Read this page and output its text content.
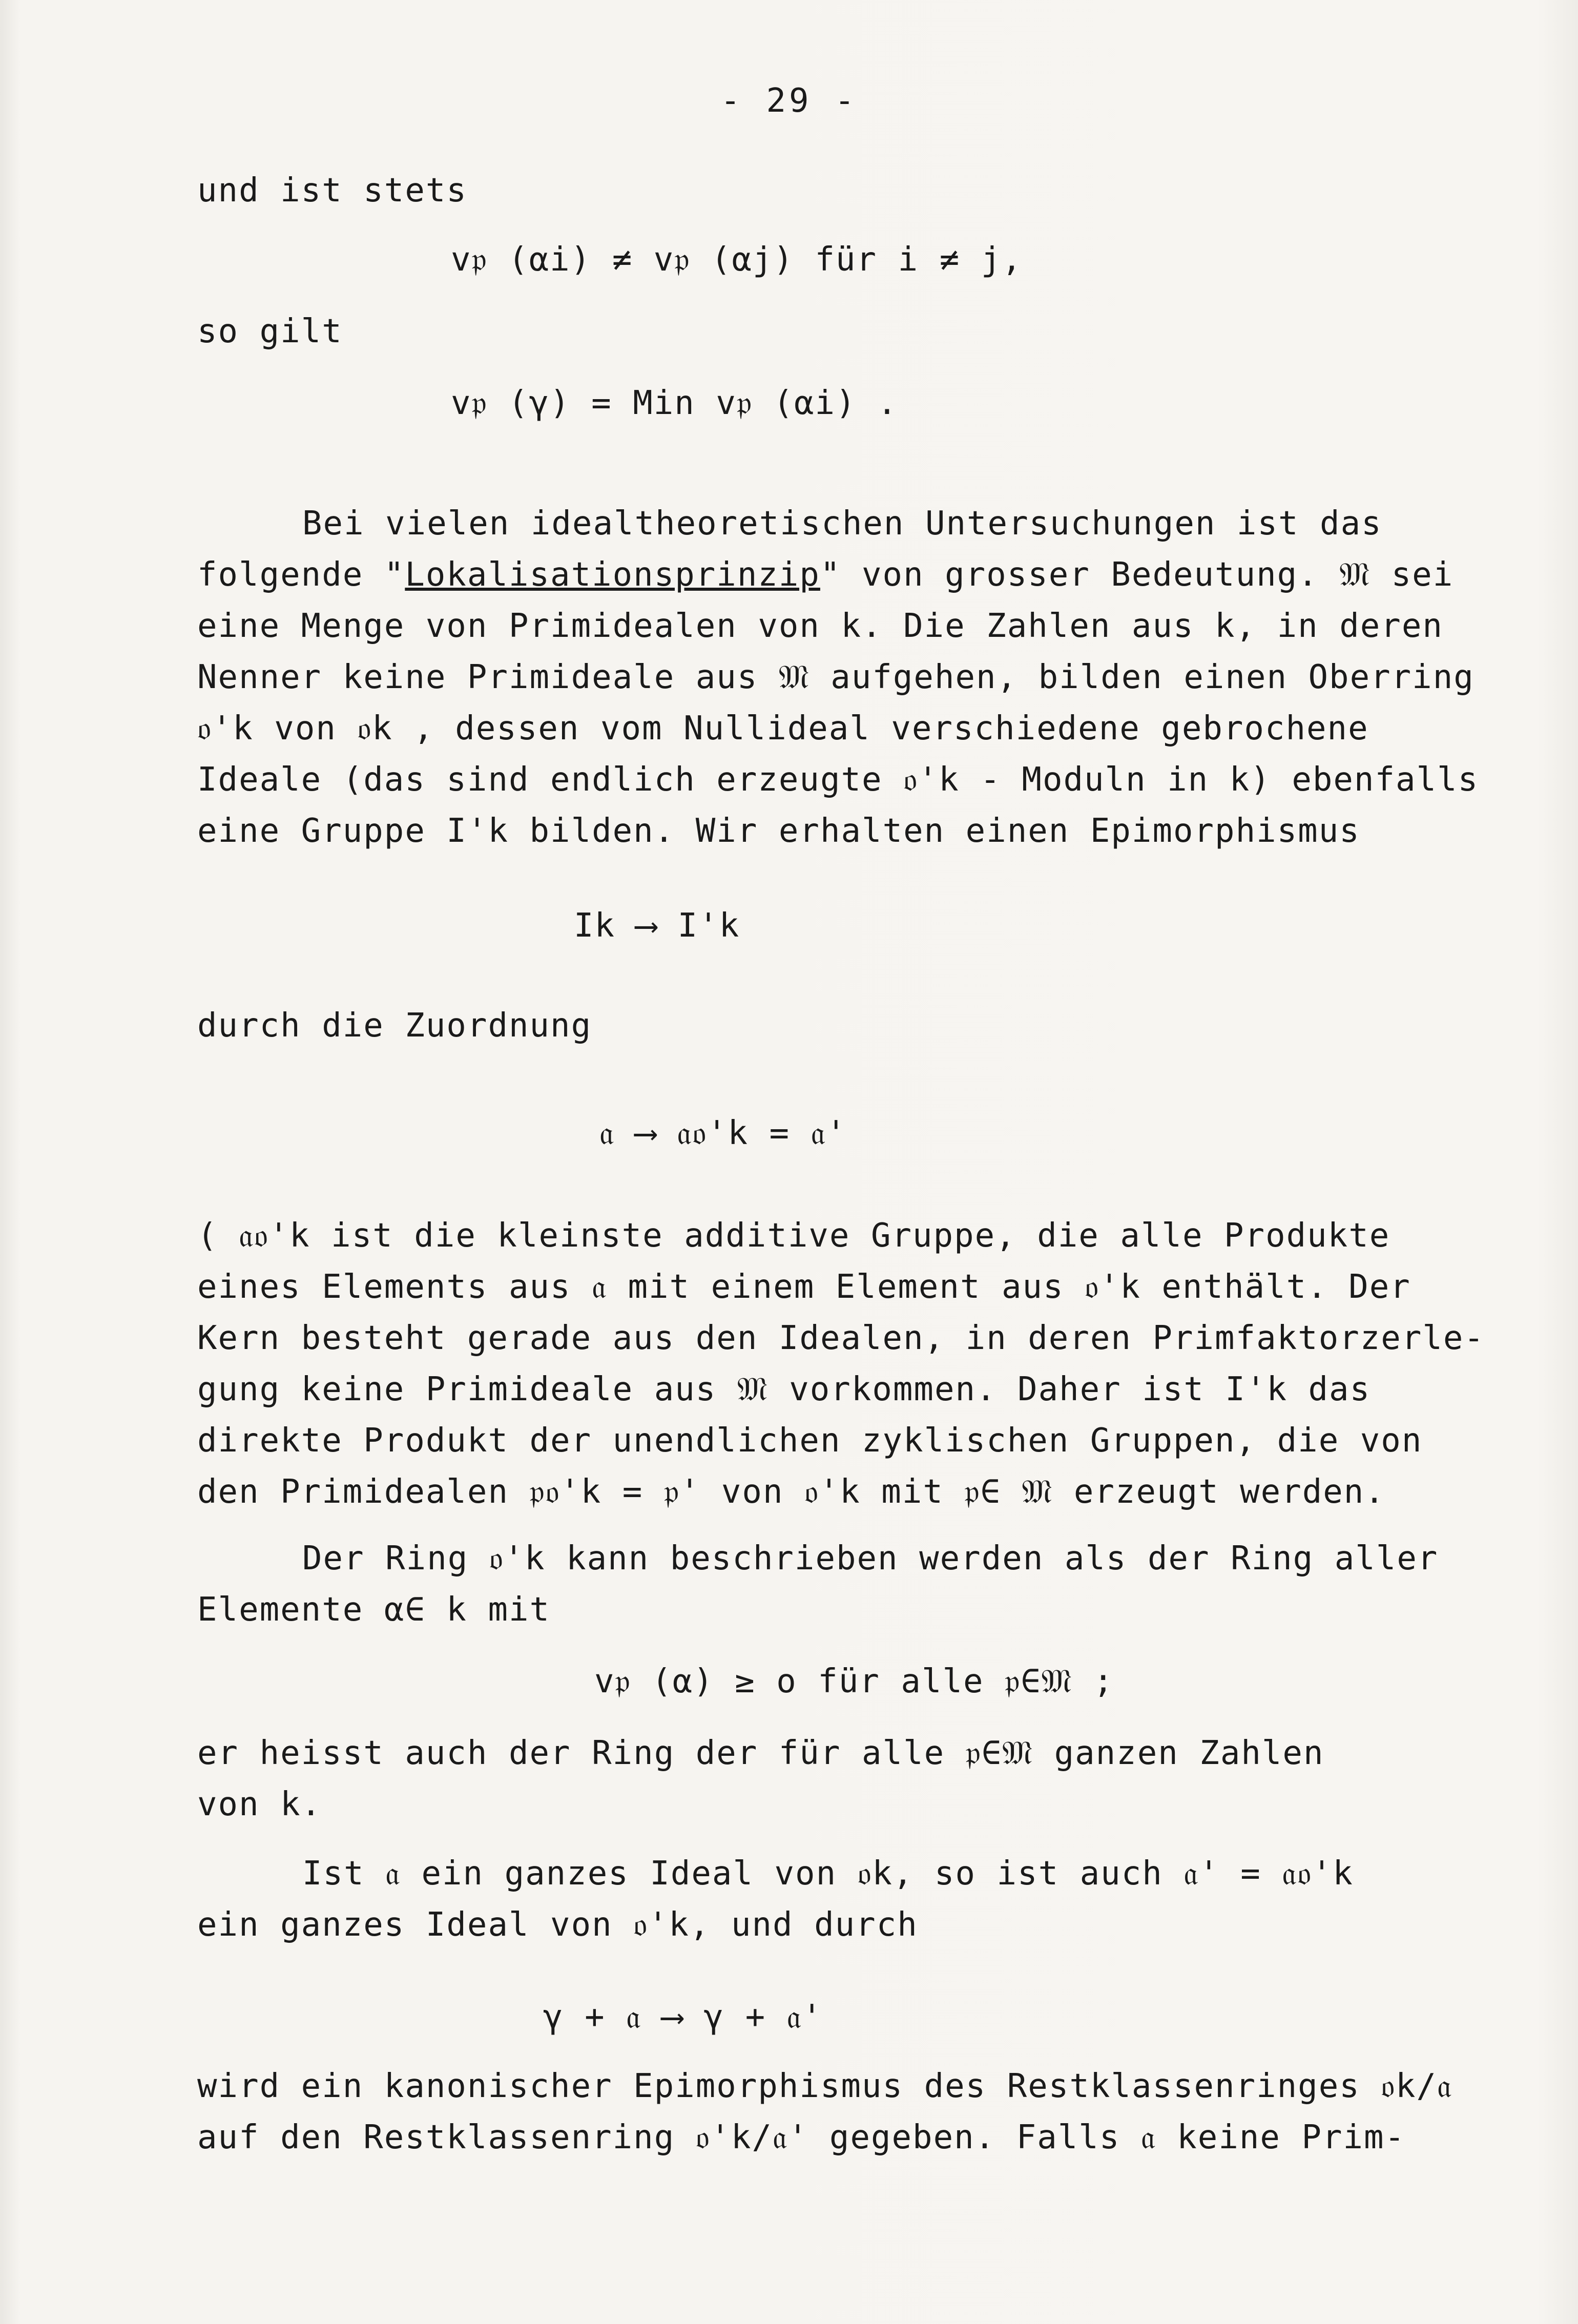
- 29 -
und ist stets
v𝔭 (αi) ≠ v𝔭 (αj) für i ≠ j,
so gilt
v𝔭 (γ) = Min v𝔭 (αi) .
Bei vielen idealtheoretischen Untersuchungen ist das
folgende "Lokalisationsprinzip" von grosser Bedeutung. 𝔐 sei
eine Menge von Primidealen von k. Die Zahlen aus k, in deren
Nenner keine Primideale aus 𝔐 aufgehen, bilden einen Oberring
𝔬'k von 𝔬k , dessen vom Nullideal verschiedene gebrochene
Ideale (das sind endlich erzeugte 𝔬'k - Moduln in k) ebenfalls
eine Gruppe I'k bilden. Wir erhalten einen Epimorphismus
Ik ⟶ I'k
durch die Zuordnung
𝔞 ⟶ 𝔞𝔬'k = 𝔞'
( 𝔞𝔬'k ist die kleinste additive Gruppe, die alle Produkte
eines Elements aus 𝔞 mit einem Element aus 𝔬'k enthält. Der
Kern besteht gerade aus den Idealen, in deren Primfaktorzerle-
gung keine Primideale aus 𝔐 vorkommen. Daher ist I'k das
direkte Produkt der unendlichen zyklischen Gruppen, die von
den Primidealen 𝔭𝔬'k = 𝔭' von 𝔬'k mit 𝔭∈ 𝔐 erzeugt werden.
Der Ring 𝔬'k kann beschrieben werden als der Ring aller
Elemente α∈ k mit
v𝔭 (α) ≥ o für alle 𝔭∈𝔐 ;
er heisst auch der Ring der für alle 𝔭∈𝔐 ganzen Zahlen
von k.
Ist 𝔞 ein ganzes Ideal von 𝔬k, so ist auch 𝔞' = 𝔞𝔬'k
ein ganzes Ideal von 𝔬'k, und durch
γ + 𝔞 ⟶ γ + 𝔞'
wird ein kanonischer Epimorphismus des Restklassenringes 𝔬k/𝔞
auf den Restklassenring 𝔬'k/𝔞' gegeben. Falls 𝔞 keine Prim-
